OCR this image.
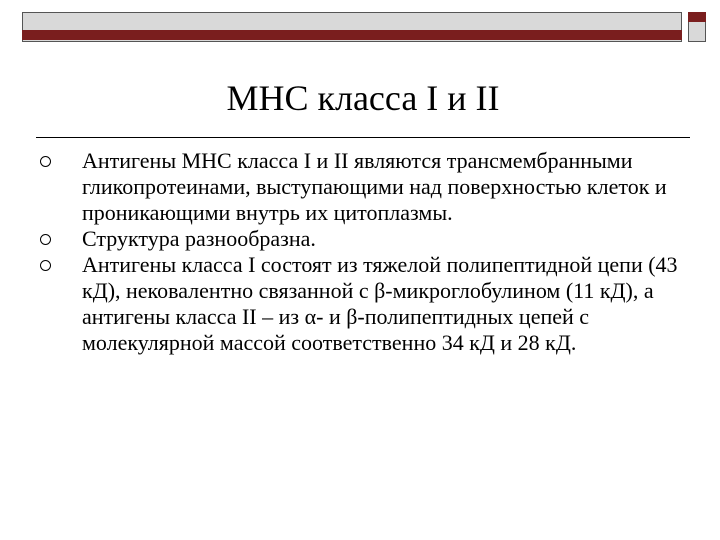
MHC класса I и II
Антигены MHC класса I и II являются трансмембранными гликопротеинами, выступающими над поверхностью клеток и проникающими внутрь их цитоплазмы.
Структура разнообразна.
Антигены класса I состоят из тяжелой полипептидной цепи (43 кД), нековалентно связанной с β-микроглобулином (11 кД), а антигены класса II – из α- и β-полипептидных цепей с молекулярной массой соответственно 34 кД и 28 кД.
